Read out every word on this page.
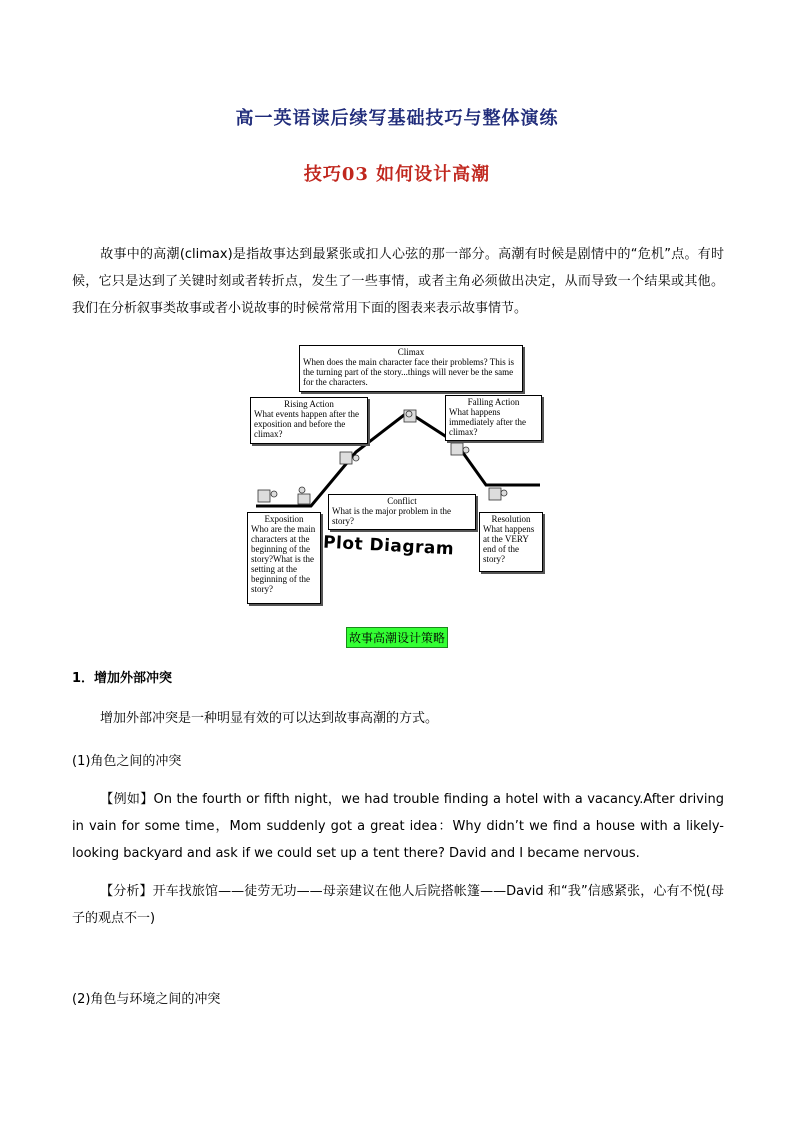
高一英语读后续写基础技巧与整体演练
技巧03 如何设计高潮
故事中的高潮(climax)是指故事达到最紧张或扣人心弦的那一部分。高潮有时候是剧情中的“危机”点。有时候，它只是达到了关键时刻或者转折点，发生了一些事情，或者主角必须做出决定，从而导致一个结果或其他。 我们在分析叙事类故事或者小说故事的时候常常用下面的图表来表示故事情节。
Climax
When does the main character face their problems? This is the turning part of the story...things will never be the same for the characters.
Rising Action
What events happen after the exposition and before the climax?
Falling Action
What happens immediately after the climax?
Conflict
What is the major problem in the story?
Exposition
Who are the main characters at the beginning of the story?What is the setting at the beginning of the story?
Resolution
What happens at the VERY end of the story?
Plot Diagram
故事高潮设计策略
1．增加外部冲突
增加外部冲突是一种明显有效的可以达到故事高潮的方式。
(1)角色之间的冲突
【例如】On the fourth or fifth night，we had trouble finding a hotel with a vacancy.After driving in vain for some time，Mom suddenly got a great idea：Why didn’t we find a house with a likely-looking backyard and ask if we could set up a tent there? David and I became nervous.
【分析】开车找旅馆——徒劳无功——母亲建议在他人后院搭帐篷——David 和“我”信感紧张，心有不悦(母子的观点不一)
(2)角色与环境之间的冲突
